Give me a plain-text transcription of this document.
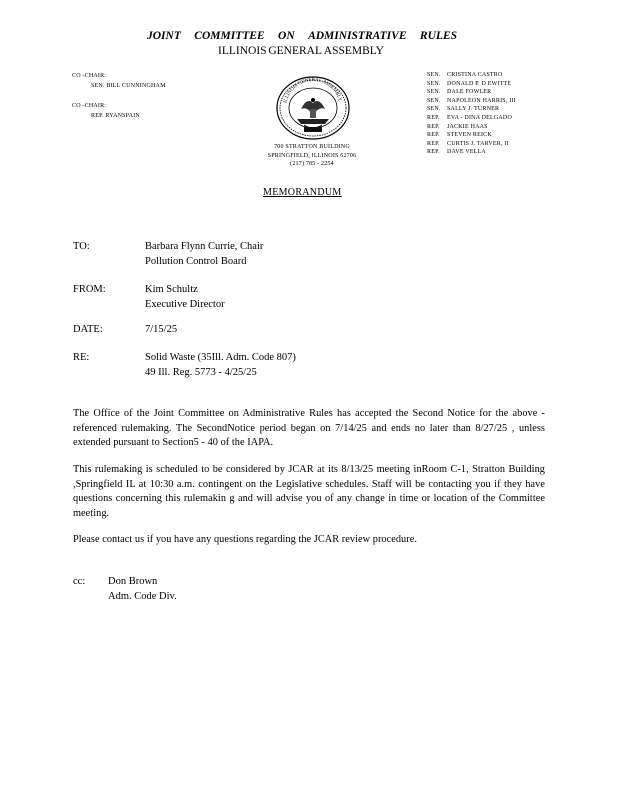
JOINT COMMITTEE ON ADMINISTRATIVE RULES
ILLINOIS GENERAL ASSEMBLY
CO -CHAIR:
SEN. BILL CUNNINGHAM
CO -CHAIR:
REP. RYANSPAIN
ILLINOIS GENERAL ASSEMBLY
700 STRATTON BUILDING
SPRINGFIELD, ILLINOIS 62706
(217) 785 - 2254
SEN.	CRISTINA CASTRO
SEN.	DONALD P. D EWITTE
SEN.	DALE FOWLER
SEN.	NAPOLEON HARRIS, III
SEN.	SALLY J. TURNER
REP.	EVA - DINA DELGADO
REP.	JACKIE HAAS
REP.	STEVEN REICK
REP.	CURTIS J. TARVER, II
REP.	DAVE VELLA
MEMORANDUM
TO:	Barbara Flynn Currie, Chair
Pollution Control Board
FROM:	Kim Schultz
Executive Director
DATE:	7/15/25
RE:	Solid Waste (35Ill. Adm. Code 807)
49 Ill. Reg. 5773 - 4/25/25
The Office of the Joint Committee on Administrative Rules has accepted the Second Notice for the above -referenced rulemaking. The SecondNotice period began on 7/14/25 and ends no later than 8/27/25 , unless extended pursuant to Section5 - 40 of the IAPA.
This rulemaking is scheduled to be considered by JCAR at its 8/13/25 meeting inRoom C-1, Stratton Building ,Springfield IL at 10:30 a.m. contingent on the Legislative schedules. Staff will be contacting you if they have questions concerning this rulemakin g and will advise you of any change in time or location of the Committee meeting.
Please contact us if you have any questions regarding the JCAR review procedure.
cc: Don Brown
Adm. Code Div.
